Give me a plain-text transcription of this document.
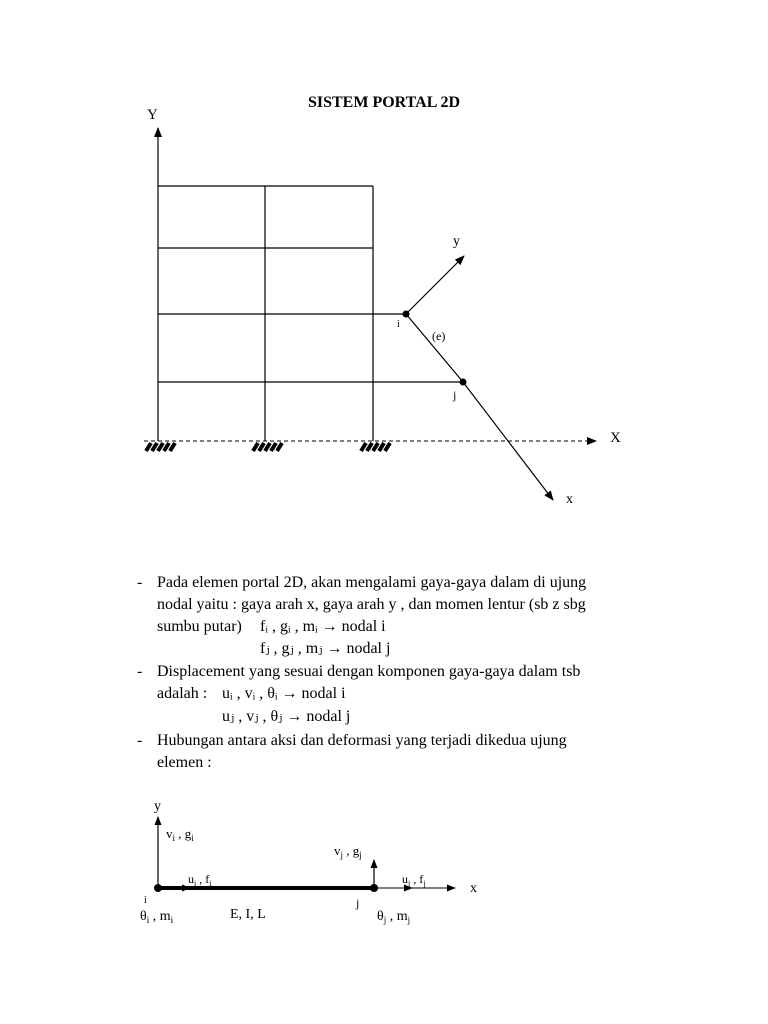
SISTEM PORTAL 2D
Y
X
x
y
i
j
(e)
- Pada elemen portal 2D, akan mengalami gaya-gaya dalam di ujung
nodal yaitu : gaya arah x, gaya arah y , dan momen lentur (sb z sbg
sumbu putar) fᵢ , gᵢ , mᵢ → nodal i
fⱼ , gⱼ , mⱼ → nodal j
- Displacement yang sesuai dengan komponen gaya-gaya dalam tsb
adalah : uᵢ , vᵢ , θᵢ → nodal i
uⱼ , vⱼ , θⱼ → nodal j
- Hubungan antara aksi dan deformasi yang terjadi dikedua ujung
elemen :
y
x
i	j
$v_i$ , $g_i$
$v_j$ , $g_j$
$u_i$ , $f_i$	$u_j$ , $f_j$
$\theta_i$ , $m_i$	E, I, L	$\theta_j$ , $m_j$
